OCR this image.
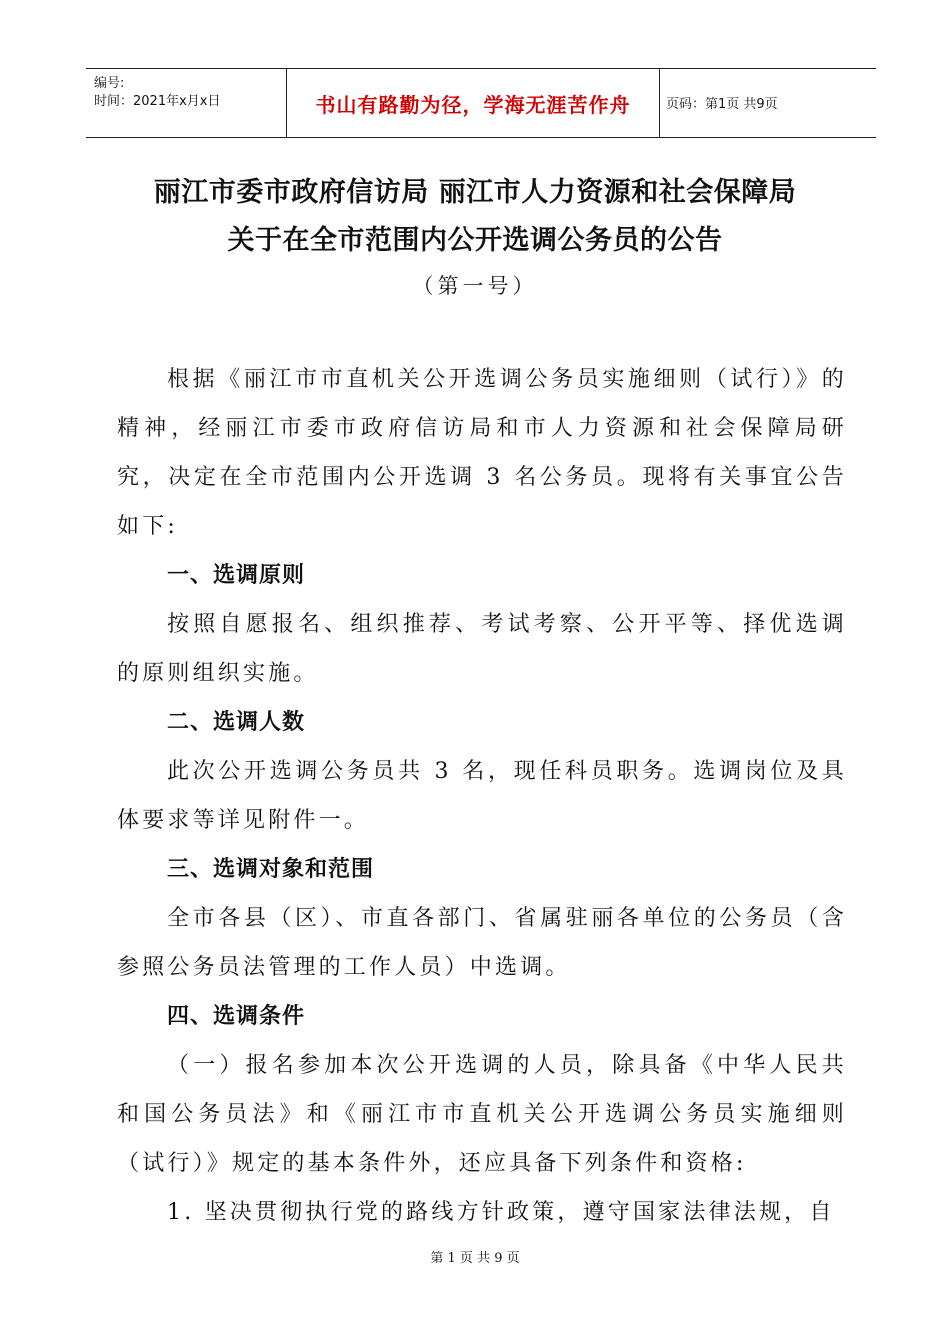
编号:
时间：2021年x月x日	书山有路勤为径，学海无涯苦作舟	页码：第1页 共9页
丽江市委市政府信访局 丽江市人力资源和社会保障局
关于在全市范围内公开选调公务员的公告
（第一号）

根据《丽江市市直机关公开选调公务员实施细则（试行）》的精神，经丽江市委市政府信访局和市人力资源和社会保障局研究，决定在全市范围内公开选调 3 名公务员。现将有关事宜公告如下:

一、选调原则

按照自愿报名、组织推荐、考试考察、公开平等、择优选调的原则组织实施。

二、选调人数

此次公开选调公务员共 3 名，现任科员职务。选调岗位及具体要求等详见附件一。

三、选调对象和范围

全市各县（区）、市直各部门、省属驻丽各单位的公务员（含参照公务员法管理的工作人员）中选调。

四、选调条件

（一）报名参加本次公开选调的人员，除具备《中华人民共和国公务员法》和《丽江市市直机关公开选调公务员实施细则（试行）》规定的基本条件外，还应具备下列条件和资格:

1. 坚决贯彻执行党的路线方针政策，遵守国家法律法规，自

第 1 页 共 9 页
